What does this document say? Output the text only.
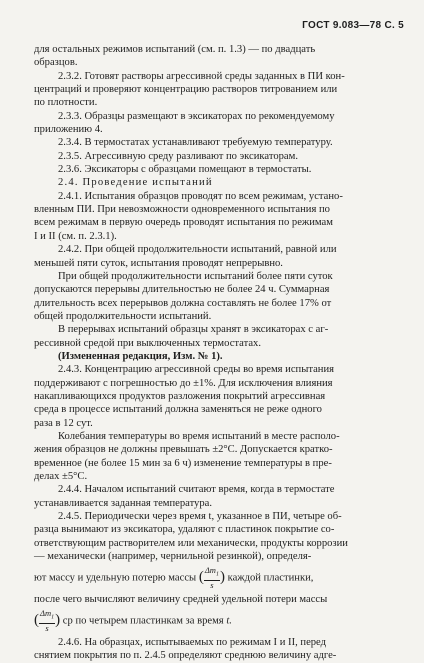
ГОСТ 9.083—78 С. 5

для остальных режимов испытаний (см. п. 1.3) — по двадцать

образцов.

2.3.2. Готовят растворы агрессивной среды заданных в ПИ кон-

центраций и проверяют концентрацию растворов титрованием или

по плотности.

2.3.3. Образцы размещают в эксикаторах по рекомендуемому

приложению 4.

2.3.4. В термостатах устанавливают требуемую температуру.

2.3.5. Агрессивную среду разливают по эксикаторам.

2.3.6. Эксикаторы с образцами помещают в термостаты.

2.4. Проведение испытаний

2.4.1. Испытания образцов проводят по всем режимам, устано-

вленным ПИ. При невозможности одновременного испытания по

всем режимам в первую очередь проводят испытания по режимам

I и II (см. п. 2.3.1).

2.4.2. При общей продолжительности испытаний, равной или

меньшей пяти суток, испытания проводят непрерывно.

При общей продолжительности испытаний более пяти суток

допускаются перерывы длительностью не более 24 ч. Суммарная

длительность всех перерывов должна составлять не более 17% от

общей продолжительности испытаний.

В перерывах испытаний образцы хранят в эксикаторах с аг-

рессивной средой при выключенных термостатах.

(Измененная редакция, Изм. № 1).

2.4.3. Концентрацию агрессивной среды во время испытания

поддерживают с погрешностью до ±1%. Для исключения влияния

накапливающихся продуктов разложения покрытий агрессивная

среда в процессе испытаний должна заменяться не реже одного

раза в 12 сут.

Колебания температуры во время испытаний в месте располо-

жения образцов не должны превышать ±2°С. Допускается кратко-

временное (не более 15 мин за 6 ч) изменение температуры в пре-

делах ±5°С.

2.4.4. Началом испытаний считают время, когда в термостате

устанавливается заданная температура.

2.4.5. Периодически через время t, указанное в ПИ, четыре об-

разца вынимают из эксикатора, удаляют с пластинок покрытие со-

ответствующим растворителем или механически, продукты коррозии

— механически (например, чернильной резинкой), определя-

ют массу и удельную потерю массы ( $\frac{\Delta m_1}{s}$ ) каждой пластинки,

после чего вычисляют величину средней удельной потери массы

( $\frac{\Delta m_1}{s}$ ) ср по четырем пластинкам за время t.

2.4.6. На образцах, испытываемых по режимам I и II, перед

снятием покрытия по п. 2.4.5 определяют среднюю величину адге-
